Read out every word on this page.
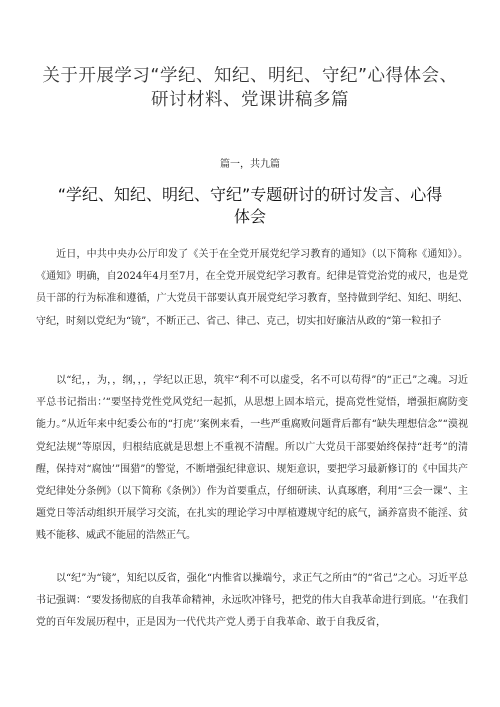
关于开展学习“学纪、知纪、明纪、守纪”心得体会、研讨材料、党课讲稿多篇
篇一，共九篇
“学纪、知纪、明纪、守纪”专题研讨的研讨发言、心得体会

近日，中共中央办公厅印发了《关于在全党开展党纪学习教育的通知》（以下简称《通知》）。《通知》明确，自2024年4月至7月，在全党开展党纪学习教育。纪律是管党治党的戒尺，也是党员干部的行为标准和遵循，广大党员干部要认真开展党纪学习教育，坚持做到学纪、知纪、明纪、守纪，时刻以党纪为“镜”，不断正己、省己、律己、克己，切实扣好廉洁从政的“第一粒扣子

以“纪，，为，，纲，，，学纪以正思，筑牢“利不可以虚受，名不可以苟得”的“正己”之魂。习近平总书记指出：’“要坚持党性党风党纪一起抓，从思想上固本培元，提高党性觉悟，增强拒腐防变能力。”从近年来中纪委公布的“打虎’’案例来看，一些严重腐败问题背后都有“缺失理想信念”“漠视党纪法规”等原因，归根结底就是思想上不重视不清醒。所以广大党员干部要始终保持“赶考”的清醒，保持对“腐蚀’”围猎”的警觉，不断增强纪律意识、规矩意识，要把学习最新修订的《中国共产党纪律处分条例》（以下简称《条例》）作为首要重点，仔细研读、认真琢磨，利用“三会一课”、主题党日等活动组织开展学习交流，在扎实的理论学习中厚植遵规守纪的底气，涵养富贵不能淫、贫贱不能移、威武不能屈的浩然正气。

以“纪”为“镜”，知纪以反省，强化“内惟省以操端兮，求正气之所由”的“省己”之心。习近平总书记强调：“要发扬彻底的自我革命精神，永远吹冲锋号，把党的伟大自我革命进行到底。'‘在我们党的百年发展历程中，正是因为一代代共产党人勇于自我革命、敢于自我反省，
